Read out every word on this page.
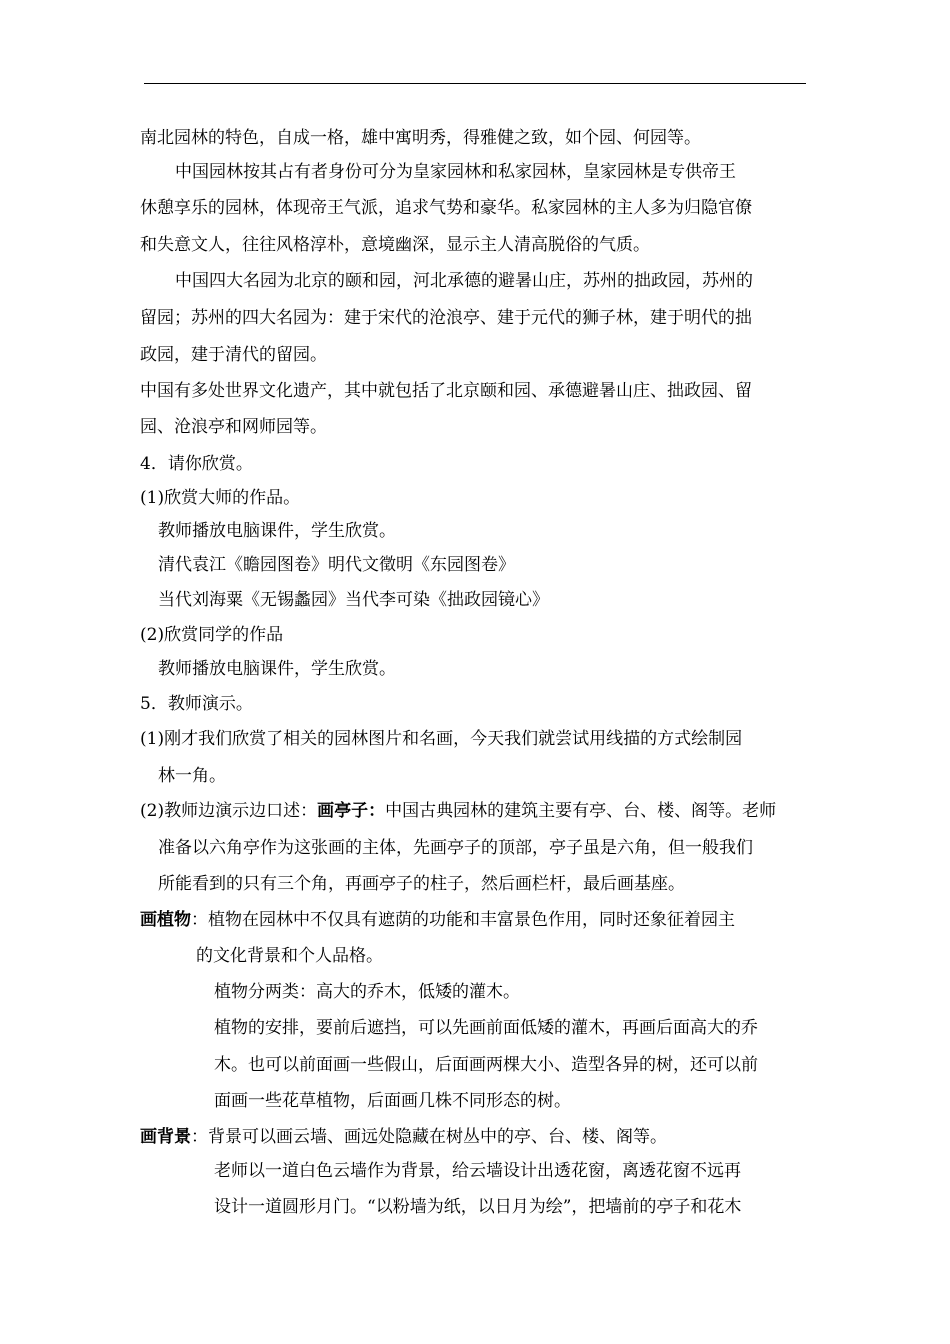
南北园林的特色，自成一格，雄中寓明秀，得雅健之致，如个园、何园等。
中国园林按其占有者身份可分为皇家园林和私家园林，皇家园林是专供帝王
休憩享乐的园林，体现帝王气派，追求气势和豪华。私家园林的主人多为归隐官僚
和失意文人，往往风格淳朴，意境幽深，显示主人清高脱俗的气质。
中国四大名园为北京的颐和园，河北承德的避暑山庄，苏州的拙政园，苏州的
留园；苏州的四大名园为：建于宋代的沧浪亭、建于元代的狮子林，建于明代的拙
政园，建于清代的留园。
中国有多处世界文化遗产，其中就包括了北京颐和园、承德避暑山庄、拙政园、留
园、沧浪亭和网师园等。
4．请你欣赏。
(1)欣赏大师的作品。
教师播放电脑课件，学生欣赏。
清代袁江《瞻园图卷》明代文徵明《东园图卷》
当代刘海粟《无锡蠡园》当代李可染《拙政园镜心》
(2)欣赏同学的作品
教师播放电脑课件，学生欣赏。
5．教师演示。
(1)刚才我们欣赏了相关的园林图片和名画，今天我们就尝试用线描的方式绘制园
林一角。
(2)教师边演示边口述：画亭子：中国古典园林的建筑主要有亭、台、楼、阁等。老师
准备以六角亭作为这张画的主体，先画亭子的顶部，亭子虽是六角，但一般我们
所能看到的只有三个角，再画亭子的柱子，然后画栏杆，最后画基座。
画植物：植物在园林中不仅具有遮荫的功能和丰富景色作用，同时还象征着园主
的文化背景和个人品格。
植物分两类：高大的乔木，低矮的灌木。
植物的安排，要前后遮挡，可以先画前面低矮的灌木，再画后面高大的乔
木。也可以前面画一些假山，后面画两棵大小、造型各异的树，还可以前
面画一些花草植物，后面画几株不同形态的树。
画背景：背景可以画云墙、画远处隐藏在树丛中的亭、台、楼、阁等。
老师以一道白色云墙作为背景，给云墙设计出透花窗，离透花窗不远再
设计一道圆形月门。“以粉墙为纸，以日月为绘”，把墙前的亭子和花木
